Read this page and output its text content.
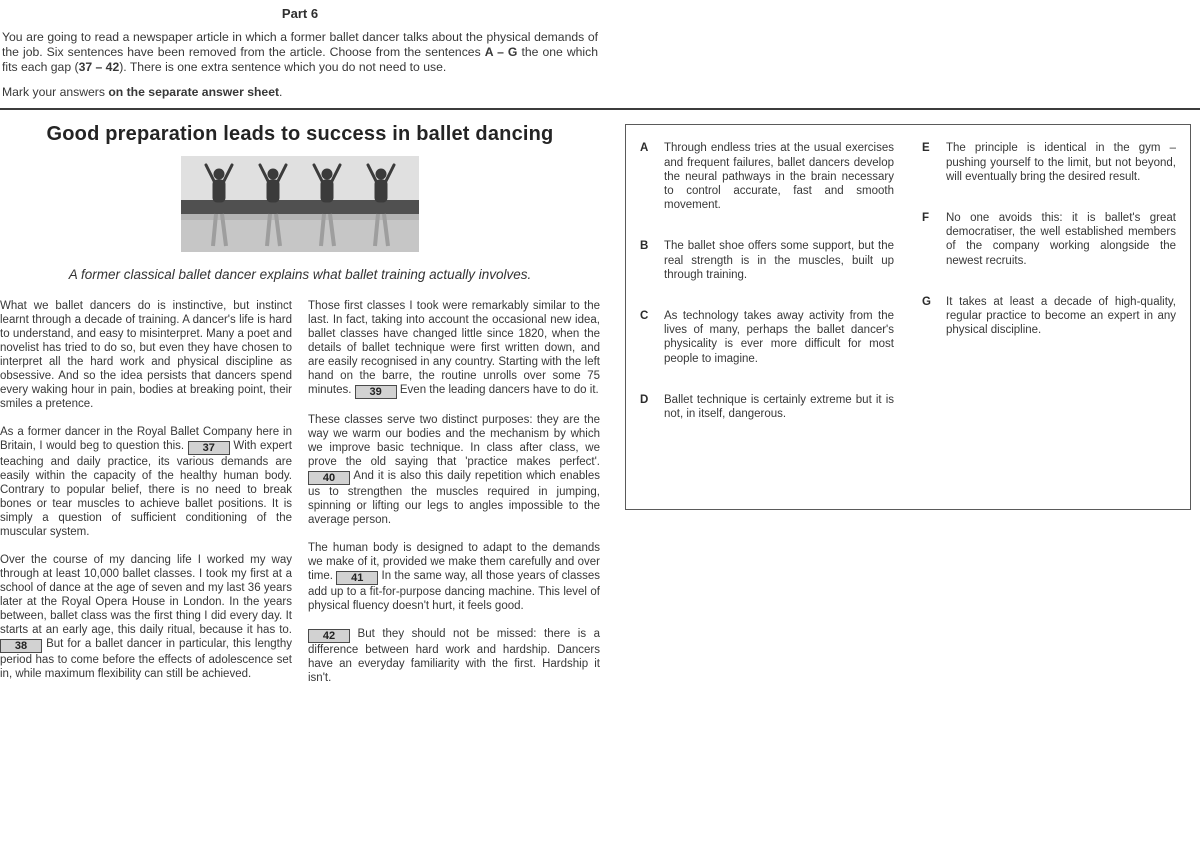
Part 6

You are going to read a newspaper article in which a former ballet dancer talks about the physical demands of the job. Six sentences have been removed from the article. Choose from the sentences A – G the one which fits each gap (37 – 42). There is one extra sentence which you do not need to use.

Mark your answers on the separate answer sheet.

Good preparation leads to success in ballet dancing

A former classical ballet dancer explains what ballet training actually involves.

What we ballet dancers do is instinctive, but instinct learnt through a decade of training. A dancer's life is hard to understand, and easy to misinterpret. Many a poet and novelist has tried to do so, but even they have chosen to interpret all the hard work and physical discipline as obsessive. And so the idea persists that dancers spend every waking hour in pain, bodies at breaking point, their smiles a pretence.

As a former dancer in the Royal Ballet Company here in Britain, I would beg to question this. 37 With expert teaching and daily practice, its various demands are easily within the capacity of the healthy human body. Contrary to popular belief, there is no need to break bones or tear muscles to achieve ballet positions. It is simply a question of sufficient conditioning of the muscular system.

Over the course of my dancing life I worked my way through at least 10,000 ballet classes. I took my first at a school of dance at the age of seven and my last 36 years later at the Royal Opera House in London. In the years between, ballet class was the first thing I did every day. It starts at an early age, this daily ritual, because it has to. 38 But for a ballet dancer in particular, this lengthy period has to come before the effects of adolescence set in, while maximum flexibility can still be achieved.

Those first classes I took were remarkably similar to the last. In fact, taking into account the occasional new idea, ballet classes have changed little since 1820, when the details of ballet technique were first written down, and are easily recognised in any country. Starting with the left hand on the barre, the routine unrolls over some 75 minutes. 39 Even the leading dancers have to do it.

These classes serve two distinct purposes: they are the way we warm our bodies and the mechanism by which we improve basic technique. In class after class, we prove the old saying that 'practice makes perfect'. 40 And it is also this daily repetition which enables us to strengthen the muscles required in jumping, spinning or lifting our legs to angles impossible to the average person.

The human body is designed to adapt to the demands we make of it, provided we make them carefully and over time. 41 In the same way, all those years of classes add up to a fit-for-purpose dancing machine. This level of physical fluency doesn't hurt, it feels good.

42 But they should not be missed: there is a difference between hard work and hardship. Dancers have an everyday familiarity with the first. Hardship it isn't.

A	Through endless tries at the usual exercises and frequent failures, ballet dancers develop the neural pathways in the brain necessary to control accurate, fast and smooth movement.
B	The ballet shoe offers some support, but the real strength is in the muscles, built up through training.
C	As technology takes away activity from the lives of many, perhaps the ballet dancer's physicality is ever more difficult for most people to imagine.
D	Ballet technique is certainly extreme but it is not, in itself, dangerous.
E	The principle is identical in the gym – pushing yourself to the limit, but not beyond, will eventually bring the desired result.
F	No one avoids this: it is ballet's great democratiser, the well established members of the company working alongside the newest recruits.
G	It takes at least a decade of high-quality, regular practice to become an expert in any physical discipline.
